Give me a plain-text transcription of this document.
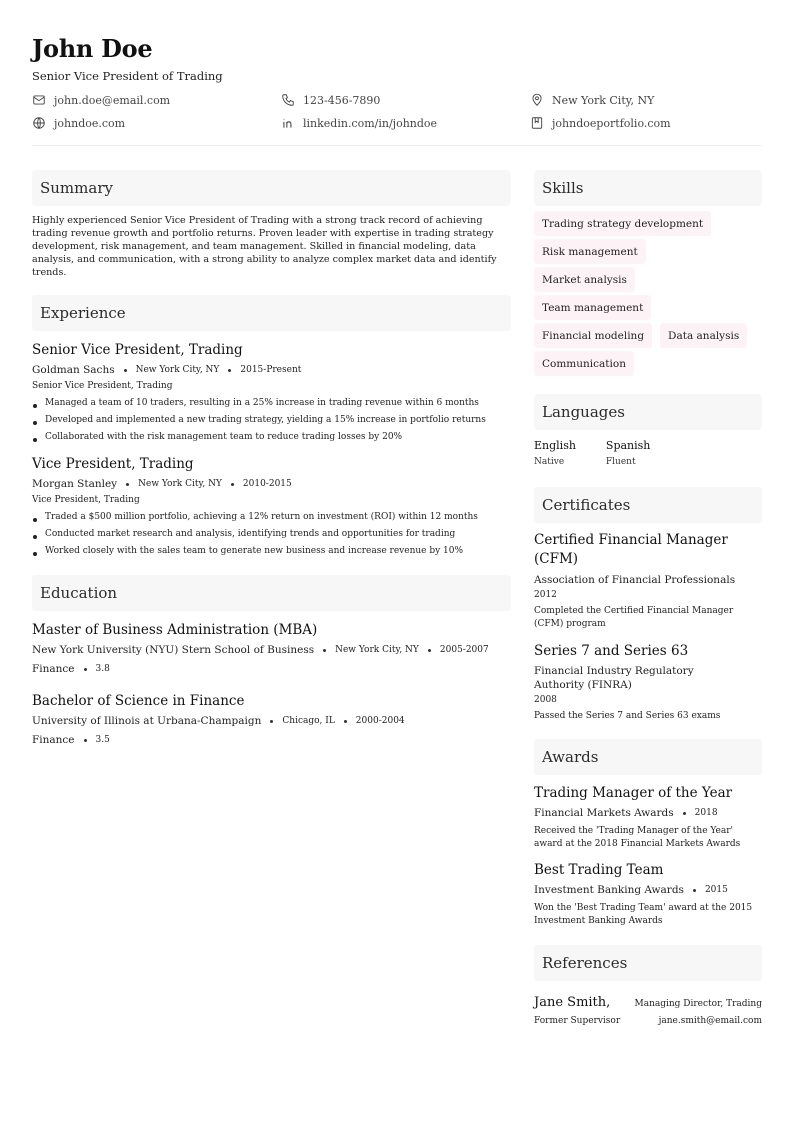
John Doe
Senior Vice President of Trading
john.doe@email.com	123-456-7890	New York City, NY
johndoe.com	linkedin.com/in/johndoe	johndoeportfolio.com
Summary

Highly experienced Senior Vice President of Trading with a strong track record of achieving trading revenue growth and portfolio returns. Proven leader with expertise in trading strategy development, risk management, and team management. Skilled in financial modeling, data analysis, and communication, with a strong ability to analyze complex market data and identify trends.

Experience
Senior Vice President, Trading
Goldman Sachs New York City, NY 2015-Present
Senior Vice President, Trading
Managed a team of 10 traders, resulting in a 25% increase in trading revenue within 6 months
Developed and implemented a new trading strategy, yielding a 15% increase in portfolio returns
Collaborated with the risk management team to reduce trading losses by 20%
Vice President, Trading
Morgan Stanley New York City, NY 2010-2015
Vice President, Trading
Traded a $500 million portfolio, achieving a 12% return on investment (ROI) within 12 months
Conducted market research and analysis, identifying trends and opportunities for trading
Worked closely with the sales team to generate new business and increase revenue by 10%
Education
Master of Business Administration (MBA)
New York University (NYU) Stern School of Business New York City, NY 2005-2007
Finance 3.8
Bachelor of Science in Finance
University of Illinois at Urbana-Champaign Chicago, IL 2000-2004
Finance 3.5
Skills
Trading strategy development
Risk management
Market analysis
Team management
Financial modeling	Data analysis
Communication
Languages
English
Native
Spanish
Fluent
Certificates
Certified Financial Manager (CFM)
Association of Financial Professionals
2012
Completed the Certified Financial Manager (CFM) program
Series 7 and Series 63
Financial Industry Regulatory Authority (FINRA)
2008
Passed the Series 7 and Series 63 exams
Awards
Trading Manager of the Year
Financial Markets Awards 2018
Received the 'Trading Manager of the Year' award at the 2018 Financial Markets Awards
Best Trading Team
Investment Banking Awards 2015
Won the 'Best Trading Team' award at the 2015 Investment Banking Awards
References
Jane Smith,	Managing Director, Trading
Former Supervisor	jane.smith@email.com
